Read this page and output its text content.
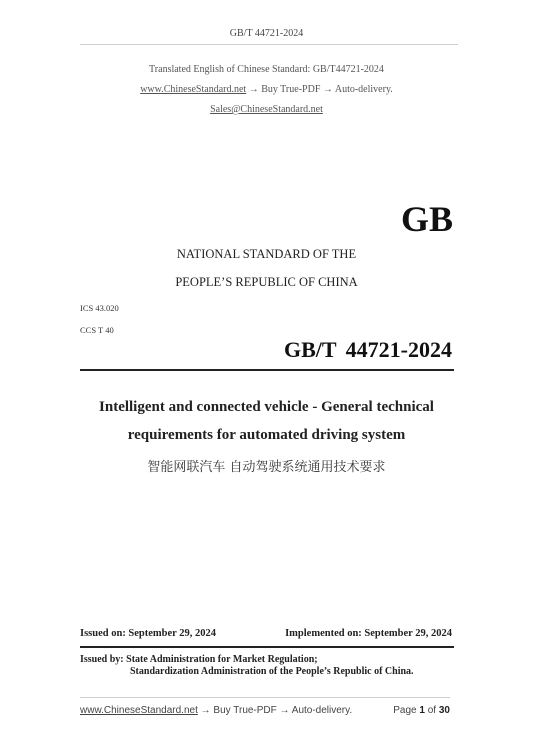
GB/T 44721-2024
Translated English of Chinese Standard: GB/T44721-2024
www.ChineseStandard.net → Buy True-PDF → Auto-delivery.
Sales@ChineseStandard.net
GB
NATIONAL STANDARD OF THE
PEOPLE’S REPUBLIC OF CHINA
ICS 43.020
CCS T 40
GB/T 44721-2024
Intelligent and connected vehicle - General technical
requirements for automated driving system
智能网联汽车 自动驾驶系统通用技术要求
Issued on: September 29, 2024	Implemented on: September 29, 2024
Issued by: State Administration for Market Regulation;
Standardization Administration of the People’s Republic of China.
www.ChineseStandard.net → Buy True-PDF → Auto-delivery.	Page 1 of 30
